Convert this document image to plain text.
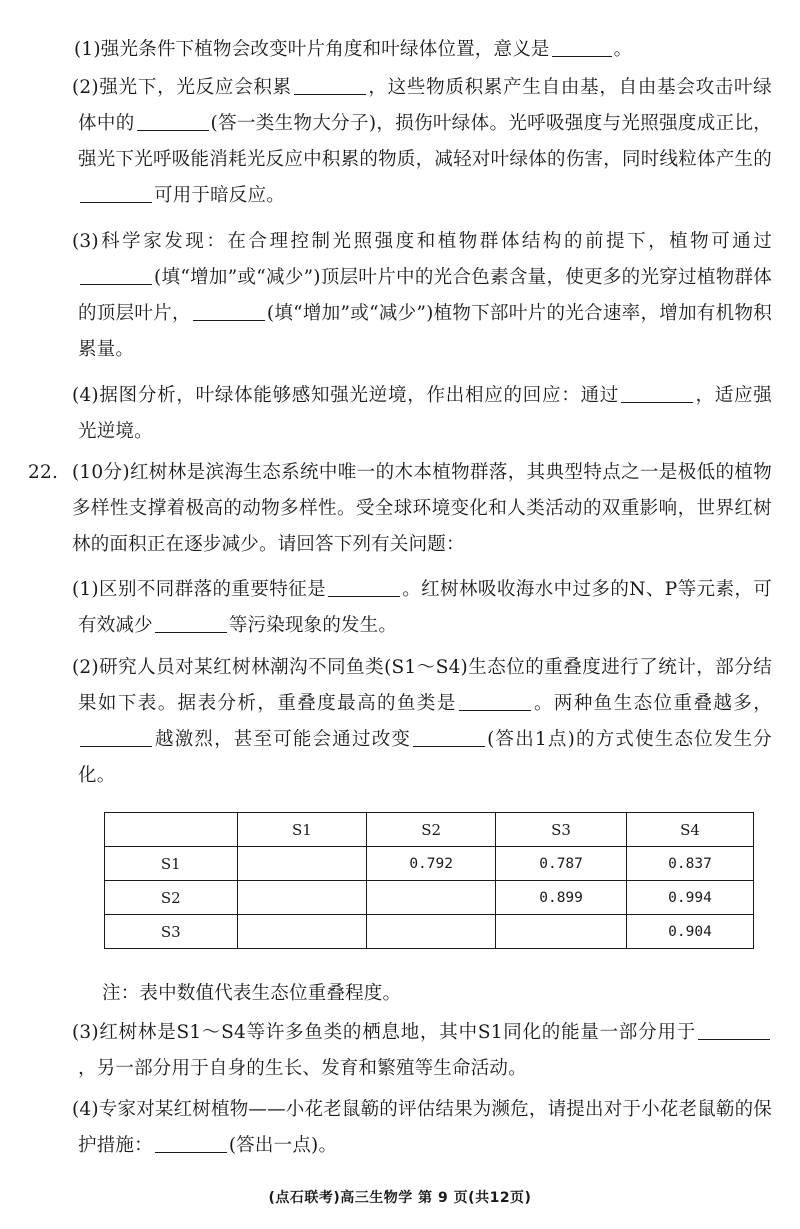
(1)强光条件下植物会改变叶片角度和叶绿体位置，意义是	。
(2)强光下，光反应会积累	，这些物质积累产生自由基，自由基会攻击叶绿体中的	(答一类生物大分子)，损伤叶绿体。光呼吸强度与光照强度成正比，强光下光呼吸能消耗光反应中积累的物质，减轻对叶绿体的伤害，同时线粒体产生的可用于暗反应。
(3)科学家发现：在合理控制光照强度和植物群体结构的前提下，植物可通过(填“增加”或“减少”)顶层叶片中的光合色素含量，使更多的光穿过植物群体的顶层叶片，	(填“增加”或“减少”)植物下部叶片的光合速率，增加有机物积累量。
(4)据图分析，叶绿体能够感知强光逆境，作出相应的回应：通过	，适应强光逆境。
22. (10分)红树林是滨海生态系统中唯一的木本植物群落，其典型特点之一是极低的植物多样性支撑着极高的动物多样性。受全球环境变化和人类活动的双重影响，世界红树林的面积正在逐步减少。请回答下列有关问题：
(1)区别不同群落的重要特征是	。红树林吸收海水中过多的N、P等元素，可有效减少	等污染现象的发生。
(2)研究人员对某红树林潮沟不同鱼类(S1～S4)生态位的重叠度进行了统计，部分结果如下表。据表分析，重叠度最高的鱼类是	。两种鱼生态位重叠越多，越激烈，甚至可能会通过改变	(答出1点)的方式使生态位发生分化。
	S1	S2	S3	S4
S1		0.792	0.787	0.837
S2			0.899	0.994
S3				0.904
注：表中数值代表生态位重叠程度。
(3)红树林是S1～S4等许多鱼类的栖息地，其中S1同化的能量一部分用于，另一部分用于自身的生长、发育和繁殖等生命活动。
(4)专家对某红树植物——小花老鼠簕的评估结果为濒危，请提出对于小花老鼠簕的保护措施：	(答出一点)。
(点石联考)高三生物学 第 9 页(共12页)
